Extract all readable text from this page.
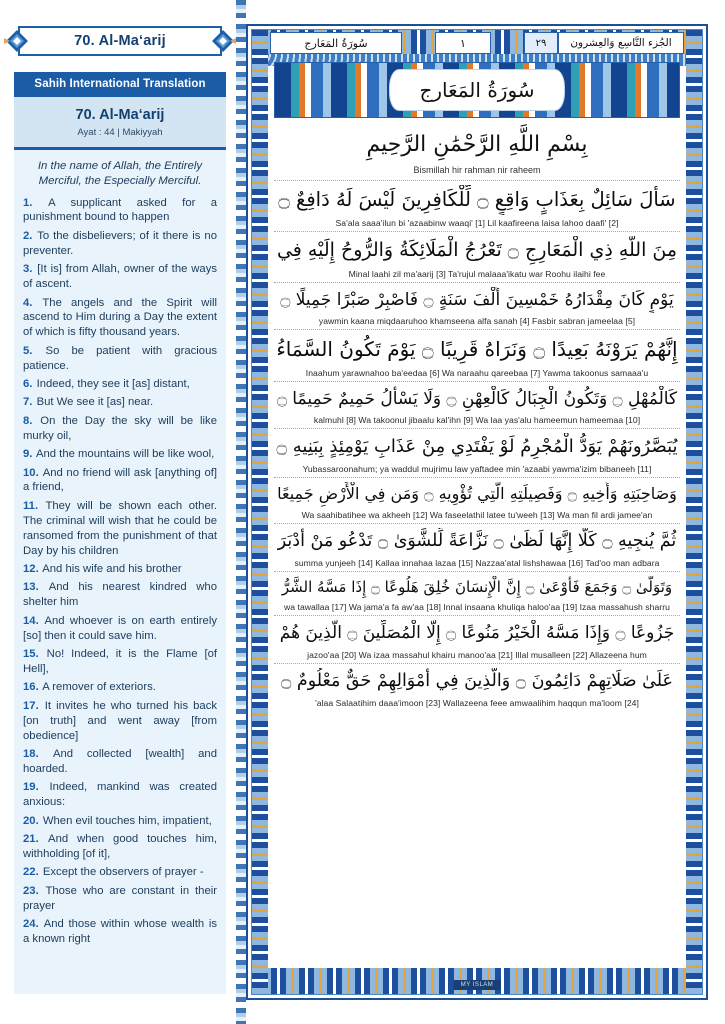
70. Al-Ma‘arij
Sahih International Translation
70. Al-Ma‘arij
Ayat : 44 | Makiyyah
In the name of Allah, the Entirely Merciful, the Especially Merciful.
1. A supplicant asked for a punishment bound to happen
2. To the disbelievers; of it there is no preventer.
3. [It is] from Allah, owner of the ways of ascent.
4. The angels and the Spirit will ascend to Him during a Day the extent of which is fifty thousand years.
5. So be patient with gracious patience.
6. Indeed, they see it [as] distant,
7. But We see it [as] near.
8. On the Day the sky will be like murky oil,
9. And the mountains will be like wool,
10. And no friend will ask [anything of] a friend,
11. They will be shown each other. The criminal will wish that he could be ransomed from the punishment of that Day by his children
12. And his wife and his brother
13. And his nearest kindred who shelter him
14. And whoever is on earth entirely [so] then it could save him.
15. No! Indeed, it is the Flame [of Hell],
16. A remover of exteriors.
17. It invites he who turned his back [on truth] and went away [from obedience]
18. And collected [wealth] and hoarded.
19. Indeed, mankind was created anxious:
20. When evil touches him, impatient,
21. And when good touches him, withholding [of it],
22. Except the observers of prayer -
23. Those who are constant in their prayer
24. And those within whose wealth is a known right
سُورَةُ المَعَارج	١	٢٩	الجُزء التَّاسِع وَالعِشرون
سُورَةُ المَعَارج
بِسْمِ اللَّهِ الرَّحْمَٰنِ الرَّحِيمِ
Bismillah hir rahman nir raheem
سَأَلَ سَائِلٌ بِعَذَابٍ وَاقِعٍ ۝ لِّلْكَافِرِينَ لَيْسَ لَهُ دَافِعٌ ۝
Sa'ala saaa'ilun bi 'azaabinw waaqi' [1] Lil kaafireena laisa lahoo daafi' [2]
مِنَ اللَّهِ ذِي الْمَعَارِجِ ۝ تَعْرُجُ الْمَلَائِكَةُ وَالرُّوحُ إِلَيْهِ فِي
Minal laahi zil ma'aarij [3] Ta'rujul malaaa'ikatu war Roohu ilaihi fee
يَوْمٍ كَانَ مِقْدَارُهُ خَمْسِينَ أَلْفَ سَنَةٍ ۝ فَاصْبِرْ صَبْرًا جَمِيلًا ۝
yawmin kaana miqdaaruhoo khamseena alfa sanah [4] Fasbir sabran jameelaa [5]
إِنَّهُمْ يَرَوْنَهُ بَعِيدًا ۝ وَنَرَاهُ قَرِيبًا ۝ يَوْمَ تَكُونُ السَّمَاءُ
Inaahum yarawnahoo ba'eedaa [6] Wa naraahu qareebaa [7] Yawma takoonus samaaa'u
كَالْمُهْلِ ۝ وَتَكُونُ الْجِبَالُ كَالْعِهْنِ ۝ وَلَا يَسْأَلُ حَمِيمٌ حَمِيمًا ۝
kalmuhl [8] Wa takoonul jibaalu kal'ihn [9] Wa laa yas'alu hameemun hameemaa [10]
يُبَصَّرُونَهُمْ يَوَدُّ الْمُجْرِمُ لَوْ يَفْتَدِي مِنْ عَذَابِ يَوْمِئِذٍ بِبَنِيهِ ۝
Yubassaroonahum; ya waddul mujrimu law yaftadee min 'azaabi yawma'izim bibaneeh [11]
وَصَاحِبَتِهِ وَأَخِيهِ ۝ وَفَصِيلَتِهِ الَّتِي تُؤْوِيهِ ۝ وَمَن فِي الْأَرْضِ جَمِيعًا
Wa saahibatihee wa akheeh [12] Wa faseelathil latee tu'weeh [13] Wa man fil ardi jamee'an
ثُمَّ يُنجِيهِ ۝ كَلَّا إِنَّهَا لَظَىٰ ۝ نَزَّاعَةً لِّلشَّوَىٰ ۝ تَدْعُو مَنْ أَدْبَرَ
summa yunjeeh [14] Kallaa innahaa lazaa [15] Nazzaa'atal lishshawaa [16] Tad'oo man adbara
وَتَوَلَّىٰ ۝ وَجَمَعَ فَأَوْعَىٰ ۝ إِنَّ الْإِنسَانَ خُلِقَ هَلُوعًا ۝ إِذَا مَسَّهُ الشَّرُّ
wa tawallaa [17] Wa jama'a fa aw'aa [18] Innal insaana khuliqa haloo'aa [19] Izaa massahush sharru
جَزُوعًا ۝ وَإِذَا مَسَّهُ الْخَيْرُ مَنُوعًا ۝ إِلَّا الْمُصَلِّينَ ۝ الَّذِينَ هُمْ
jazoo'aa [20] Wa izaa massahul khairu manoo'aa [21] Illal musalleen [22] Allazeena hum
عَلَىٰ صَلَاتِهِمْ دَائِمُونَ ۝ وَالَّذِينَ فِي أَمْوَالِهِمْ حَقٌّ مَعْلُومٌ ۝
'alaa Salaatihim daaa'imoon [23] Wallazeena feee amwaalihim haqqun ma'loom [24]
MY ISLAM
